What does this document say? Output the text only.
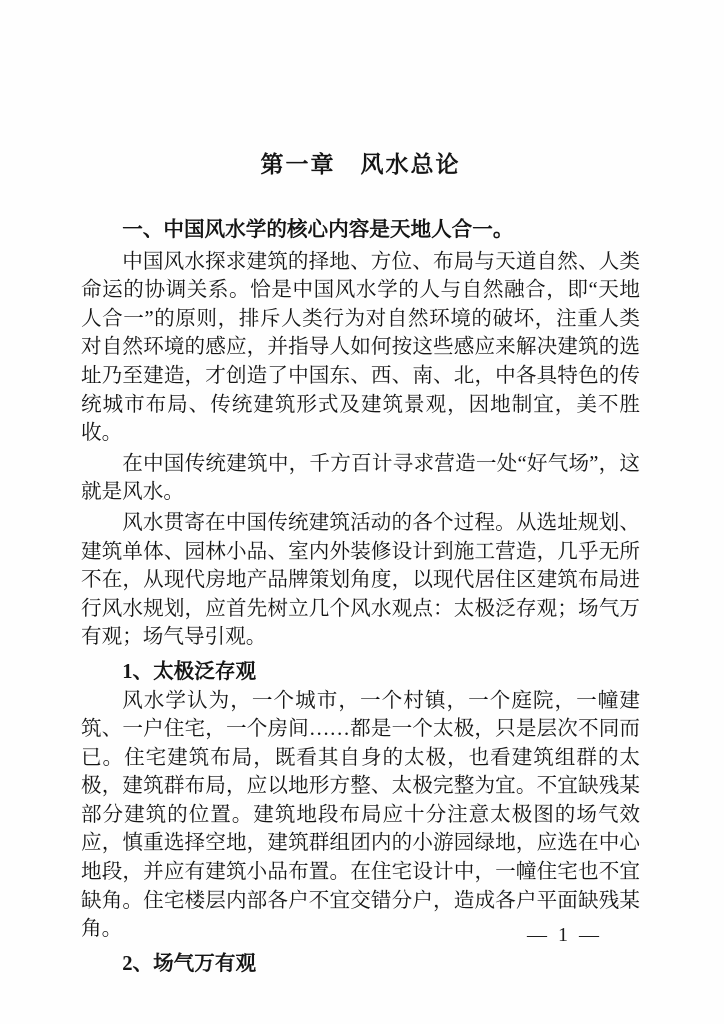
第一章　风水总论
一、中国风水学的核心内容是天地人合一。

中国风水探求建筑的择地、方位、布局与天道自然、人类命运的协调关系。恰是中国风水学的人与自然融合，即“天地人合一”的原则，排斥人类行为对自然环境的破坏，注重人类对自然环境的感应，并指导人如何按这些感应来解决建筑的选址乃至建造，才创造了中国东、西、南、北，中各具特色的传统城市布局、传统建筑形式及建筑景观，因地制宜，美不胜收。

在中国传统建筑中，千方百计寻求营造一处“好气场”，这就是风水。

风水贯寄在中国传统建筑活动的各个过程。从选址规划、建筑单体、园林小品、室内外装修设计到施工营造，几乎无所不在，从现代房地产品牌策划角度，以现代居住区建筑布局进行风水规划，应首先树立几个风水观点：太极泛存观；场气万有观；场气导引观。

1、太极泛存观

风水学认为，一个城市，一个村镇，一个庭院，一幢建筑、一户住宅，一个房间……都是一个太极，只是层次不同而已。住宅建筑布局，既看其自身的太极，也看建筑组群的太极，建筑群布局，应以地形方整、太极完整为宜。不宜缺残某部分建筑的位置。建筑地段布局应十分注意太极图的场气效应，慎重选择空地，建筑群组团内的小游园绿地，应选在中心地段，并应有建筑小品布置。在住宅设计中，一幢住宅也不宜缺角。住宅楼层内部各户不宜交错分户，造成各户平面缺残某角。

2、场气万有观
— 1 —
